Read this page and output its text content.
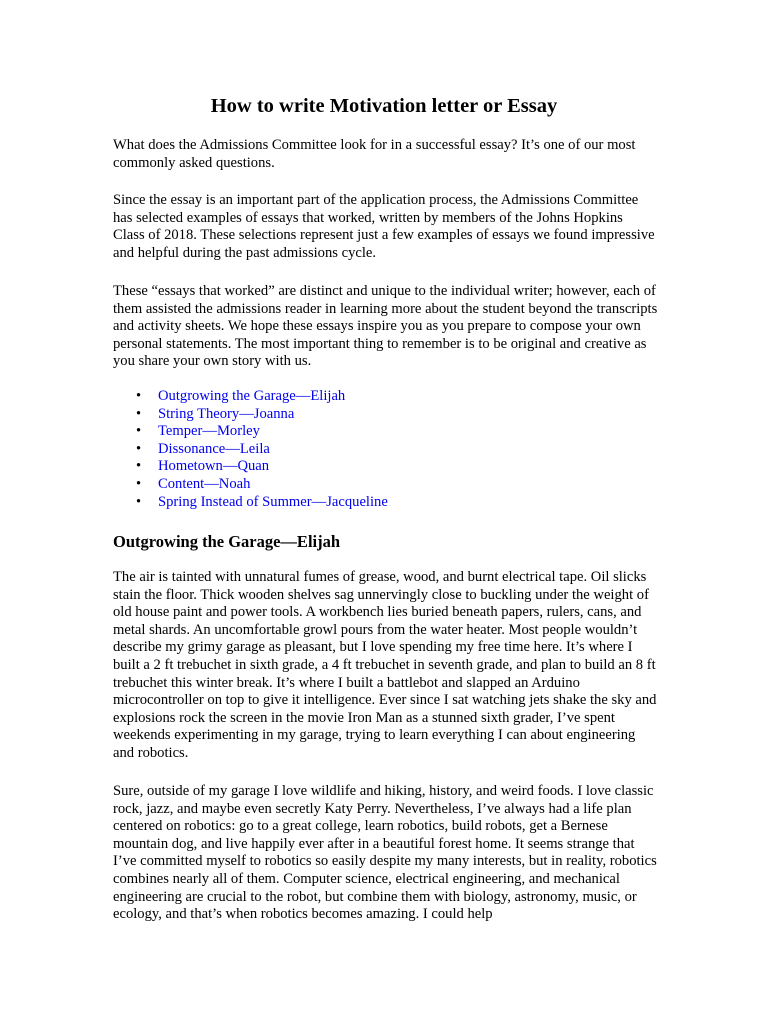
How to write Motivation letter or Essay

What does the Admissions Committee look for in a successful essay? It’s one of our most commonly asked questions.

Since the essay is an important part of the application process, the Admissions Committee has selected examples of essays that worked, written by members of the Johns Hopkins Class of 2018. These selections represent just a few examples of essays we found impressive and helpful during the past admissions cycle.

These “essays that worked” are distinct and unique to the individual writer; however, each of them assisted the admissions reader in learning more about the student beyond the transcripts and activity sheets. We hope these essays inspire you as you prepare to compose your own personal statements. The most important thing to remember is to be original and creative as you share your own story with us.

• Outgrowing the Garage—Elijah
• String Theory—Joanna
• Temper—Morley
• Dissonance—Leila
• Hometown—Quan
• Content—Noah
• Spring Instead of Summer—Jacqueline
Outgrowing the Garage—Elijah

The air is tainted with unnatural fumes of grease, wood, and burnt electrical tape. Oil slicks stain the floor. Thick wooden shelves sag unnervingly close to buckling under the weight of old house paint and power tools. A workbench lies buried beneath papers, rulers, cans, and metal shards. An uncomfortable growl pours from the water heater. Most people wouldn’t describe my grimy garage as pleasant, but I love spending my free time here. It’s where I built a 2 ft trebuchet in sixth grade, a 4 ft trebuchet in seventh grade, and plan to build an 8 ft trebuchet this winter break. It’s where I built a battlebot and slapped an Arduino microcontroller on top to give it intelligence. Ever since I sat watching jets shake the sky and explosions rock the screen in the movie Iron Man as a stunned sixth grader, I’ve spent weekends experimenting in my garage, trying to learn everything I can about engineering and robotics.

Sure, outside of my garage I love wildlife and hiking, history, and weird foods. I love classic rock, jazz, and maybe even secretly Katy Perry. Nevertheless, I’ve always had a life plan centered on robotics: go to a great college, learn robotics, build robots, get a Bernese mountain dog, and live happily ever after in a beautiful forest home. It seems strange that I’ve committed myself to robotics so easily despite my many interests, but in reality, robotics combines nearly all of them. Computer science, electrical engineering, and mechanical engineering are crucial to the robot, but combine them with biology, astronomy, music, or ecology, and that’s when robotics becomes amazing. I could help
